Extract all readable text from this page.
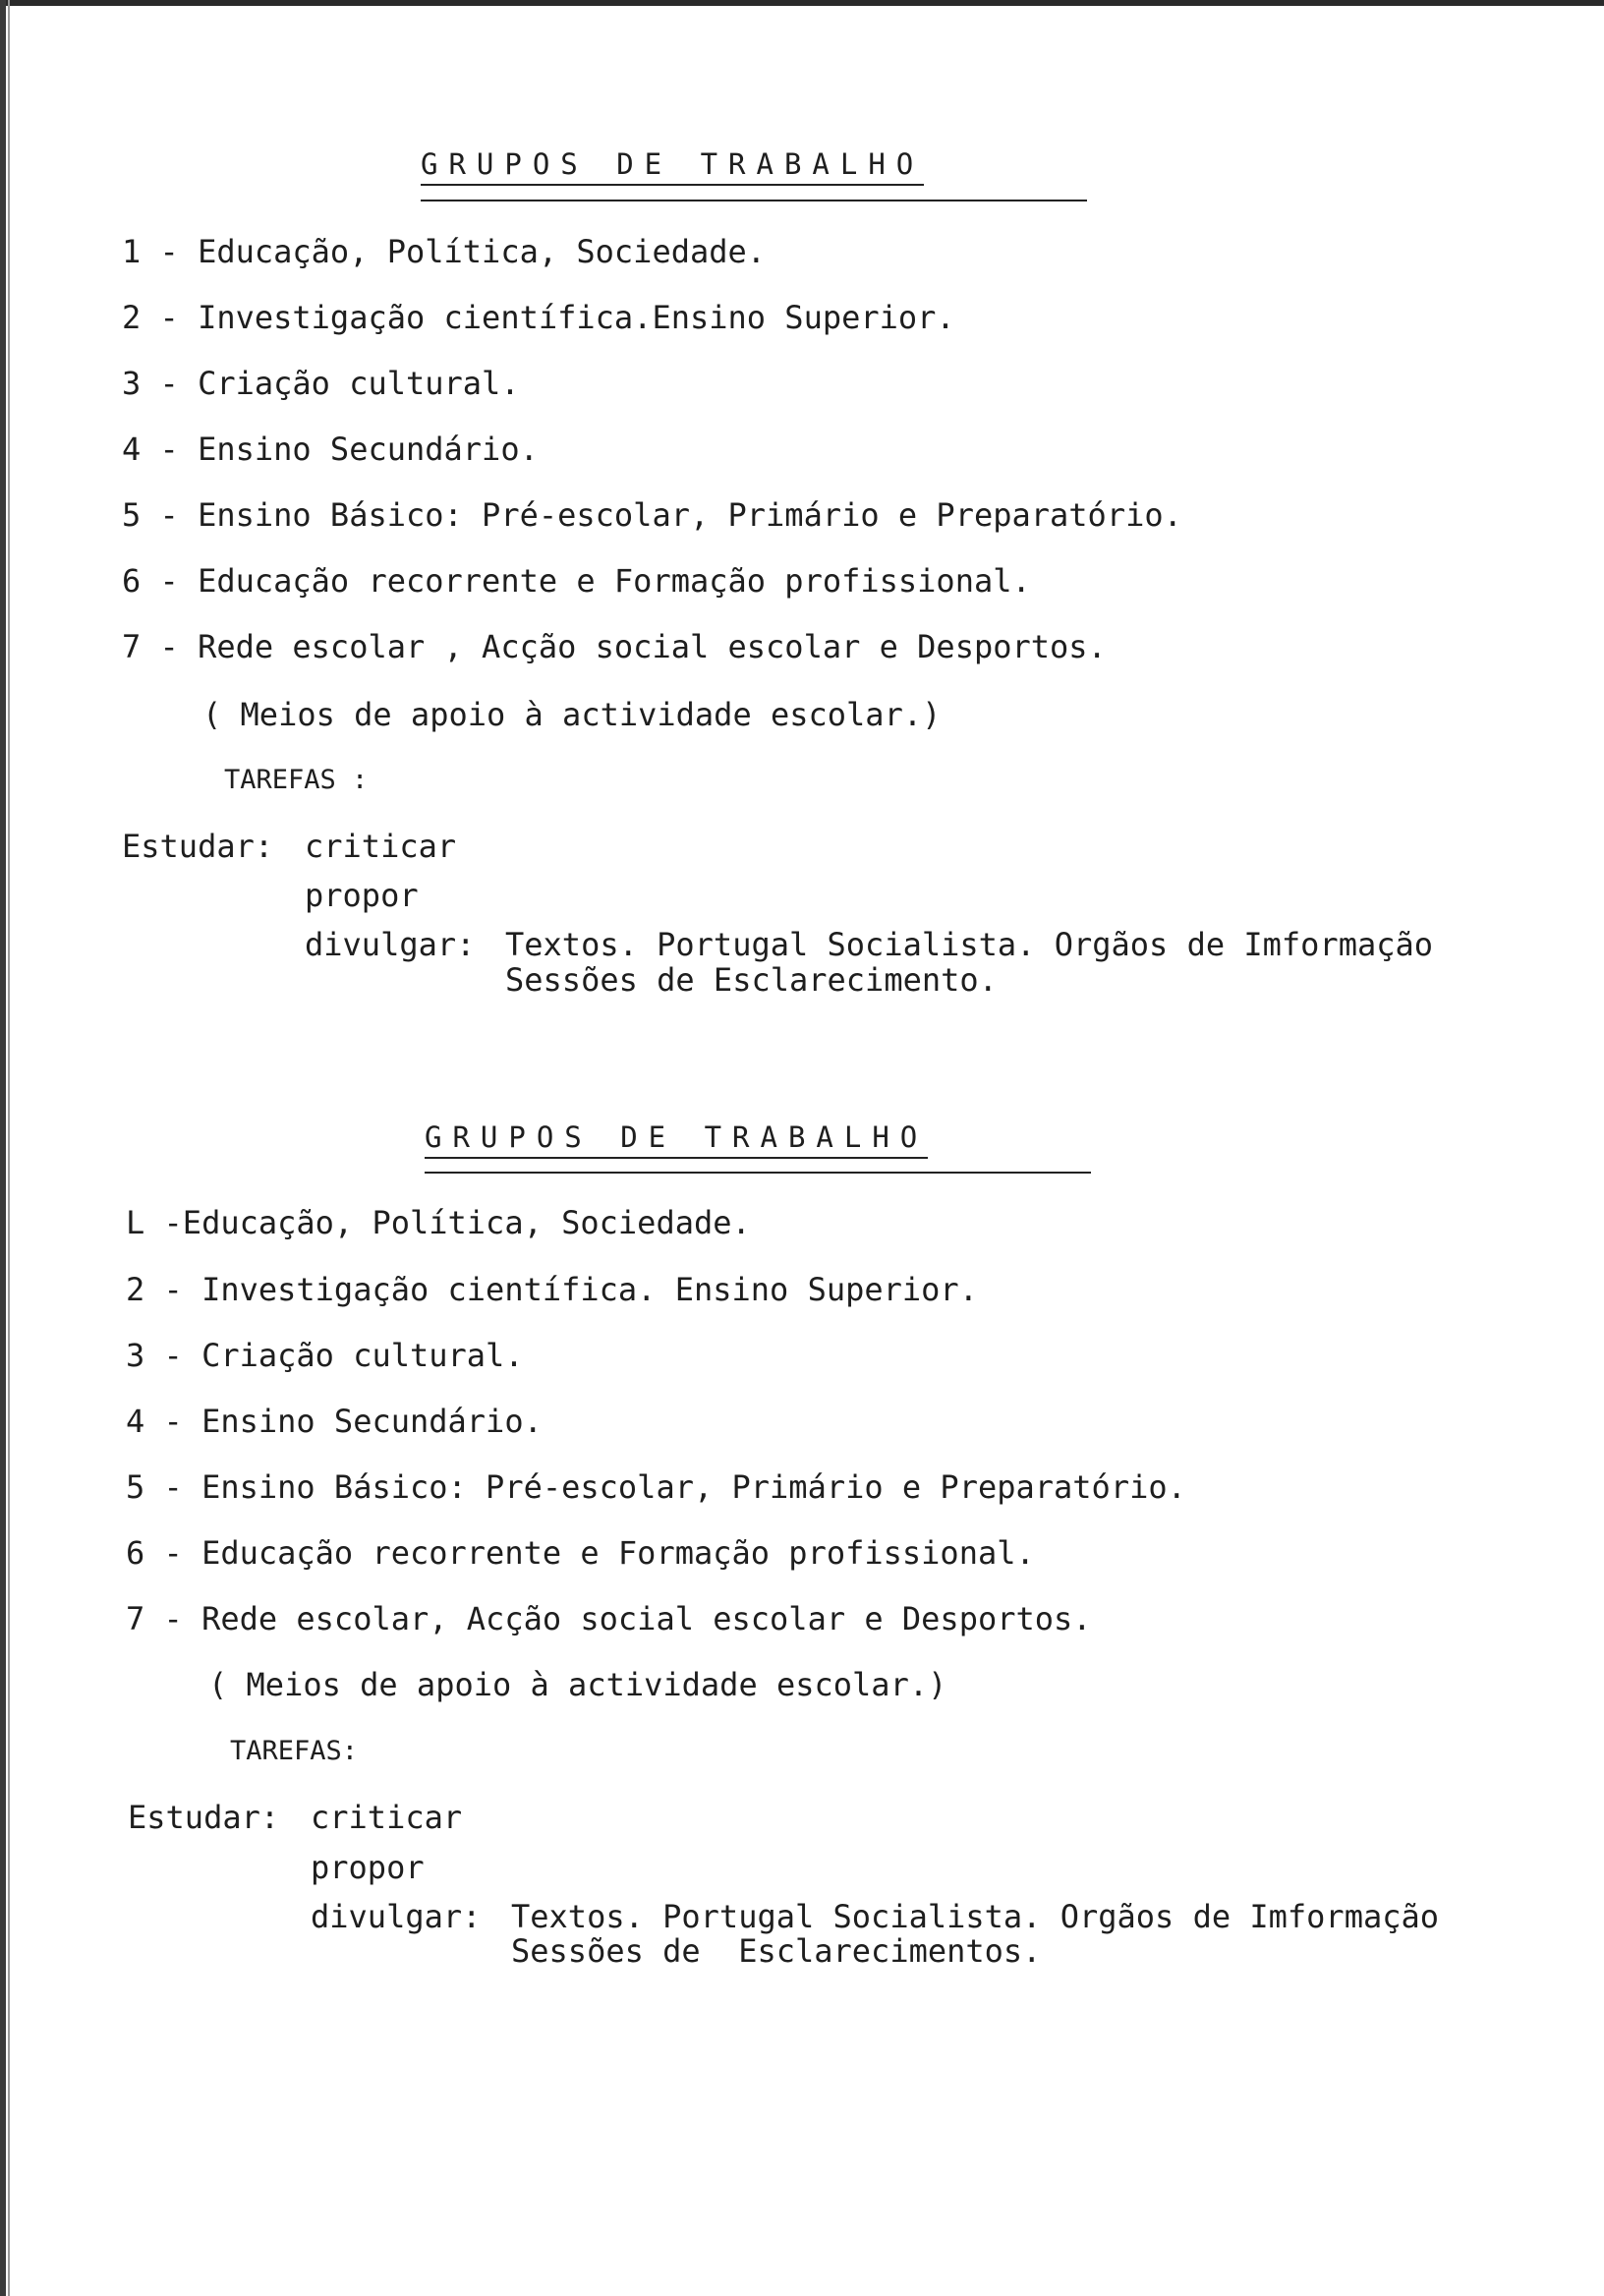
GRUPOS DE TRABALHO
1 - Educação, Política, Sociedade.
2 - Investigação científica.Ensino Superior.
3 - Criação cultural.
4 - Ensino Secundário.
5 - Ensino Básico: Pré-escolar, Primário e Preparatório.
6 - Educação recorrente e Formação profissional.
7 - Rede escolar , Acção social escolar e Desportos.
( Meios de apoio à actividade escolar.)
TAREFAS :
Estudar: criticar
propor
divulgar: Textos. Portugal Socialista. Orgãos de Imformação
Sessões de Esclarecimento.
GRUPOS DE TRABALHO
L -Educação, Política, Sociedade.
2 - Investigação científica. Ensino Superior.
3 - Criação cultural.
4 - Ensino Secundário.
5 - Ensino Básico: Pré-escolar, Primário e Preparatório.
6 - Educação recorrente e Formação profissional.
7 - Rede escolar, Acção social escolar e Desportos.
( Meios de apoio à actividade escolar.)
TAREFAS:
Estudar: criticar
propor
divulgar: Textos. Portugal Socialista. Orgãos de Imformação
Sessões de  Esclarecimentos.
